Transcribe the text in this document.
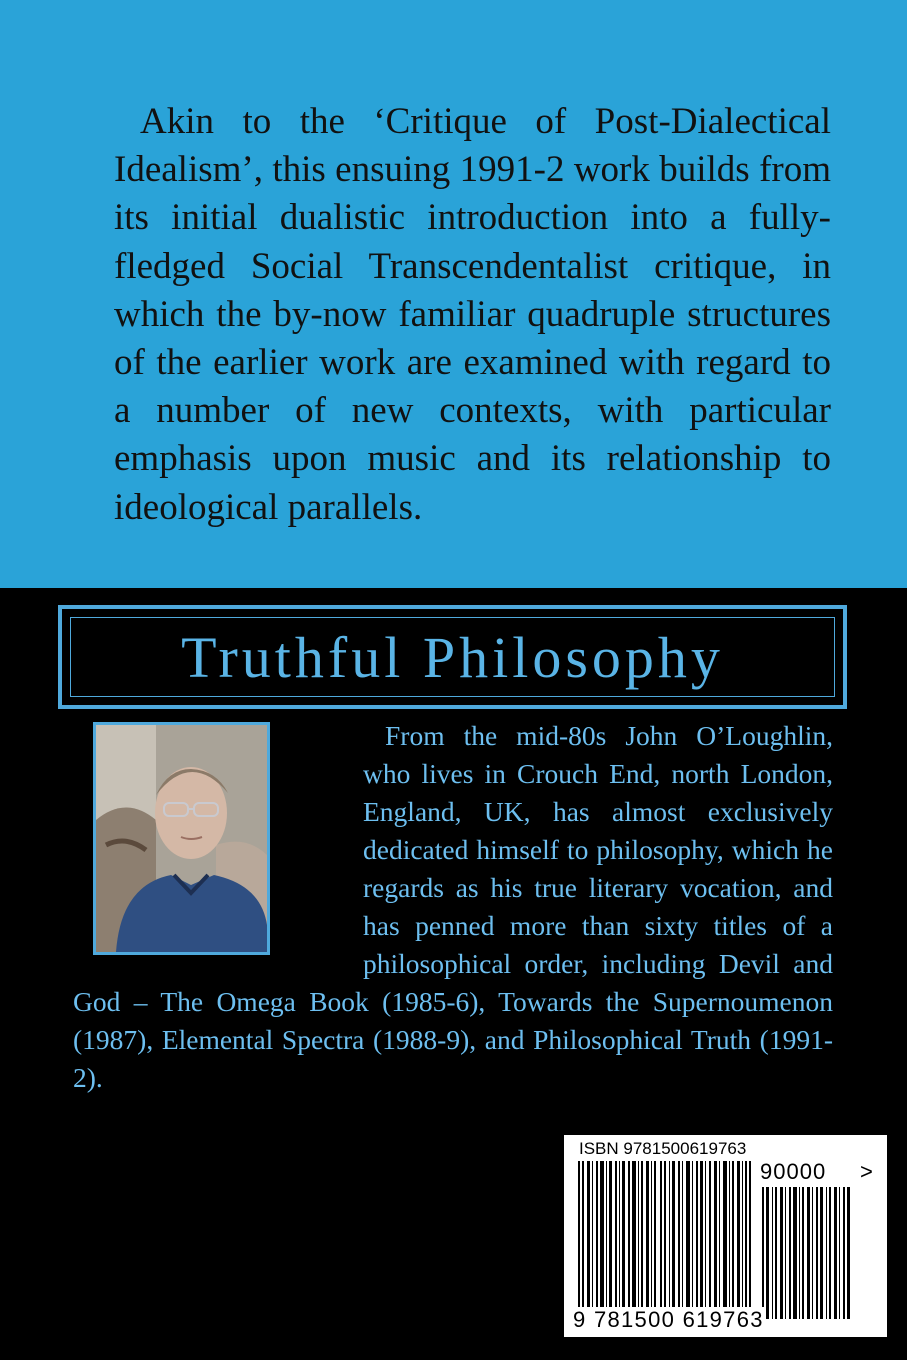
Akin to the ‘Critique of Post-Dialectical Idealism’, this ensuing 1991-2 work builds from its initial dualistic introduction into a fully-fledged Social Transcendentalist critique, in which the by-now familiar quadruple structures of the earlier work are examined with regard to a number of new contexts, with particular emphasis upon music and its relationship to ideological parallels.

Truthful Philosophy

From the mid-80s John O’Loughlin, who lives in Crouch End, north London, England, UK, has almost exclusively dedicated himself to philosophy, which he regards as his true literary vocation, and has penned more than sixty titles of a philosophical order, including Devil and God – The Omega Book (1985-6), Towards the Supernoumenon (1987), Elemental Spectra (1988-9), and Philosophical Truth (1991-2).

ISBN 9781500619763
90000 >
9 781500 619763
